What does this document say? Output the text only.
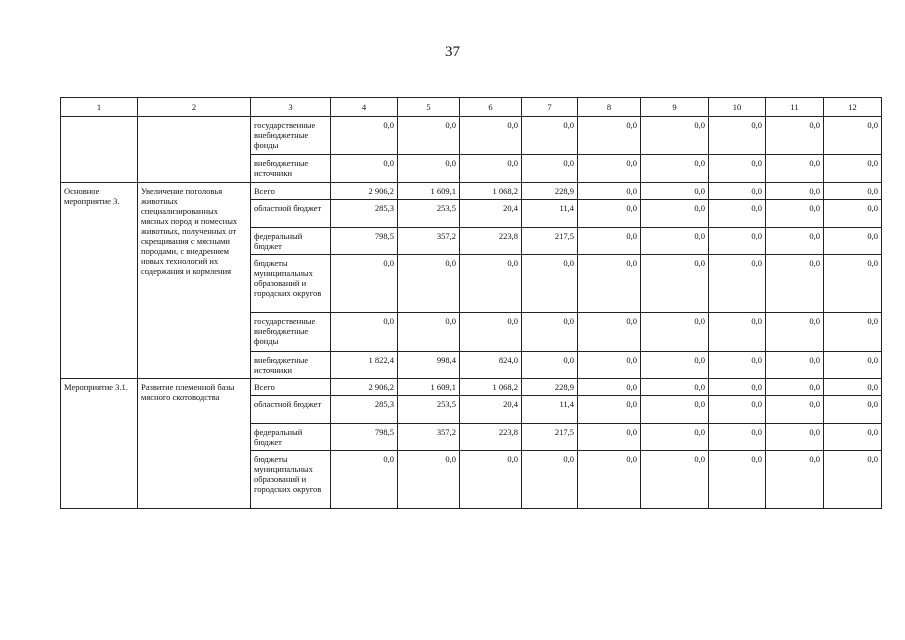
37
1	2	3	4	5	6	7	8	9	10	11	12
		государственные внебюджетные фонды	0,0	0,0	0,0	0,0	0,0	0,0	0,0	0,0	0,0
		внебюджетные источники	0,0	0,0	0,0	0,0	0,0	0,0	0,0	0,0	0,0
Основное мероприятие 3.	Увеличение поголовья животных специализированных мясных пород и помесных животных, полученных от скрещивания с мясными породами, с внедрением новых технологий их содержания и кормления	Всего	2 906,2	1 609,1	1 068,2	228,9	0,0	0,0	0,0	0,0	0,0
		областной бюджет	285,3	253,5	20,4	11,4	0,0	0,0	0,0	0,0	0,0
		федеральный бюджет	798,5	357,2	223,8	217,5	0,0	0,0	0,0	0,0	0,0
		бюджеты муниципальных образований и городских округов	0,0	0,0	0,0	0,0	0,0	0,0	0,0	0,0	0,0
		государственные внебюджетные фонды	0,0	0,0	0,0	0,0	0,0	0,0	0,0	0,0	0,0
		внебюджетные источники	1 822,4	998,4	824,0	0,0	0,0	0,0	0,0	0,0	0,0
Мероприятие 3.1.	Развитие племенной базы мясного скотоводства	Всего	2 906,2	1 609,1	1 068,2	228,9	0,0	0,0	0,0	0,0	0,0
		областной бюджет	285,3	253,5	20,4	11,4	0,0	0,0	0,0	0,0	0,0
		федеральный бюджет	798,5	357,2	223,8	217,5	0,0	0,0	0,0	0,0	0,0
		бюджеты муниципальных образований и городских округов	0,0	0,0	0,0	0,0	0,0	0,0	0,0	0,0	0,0
